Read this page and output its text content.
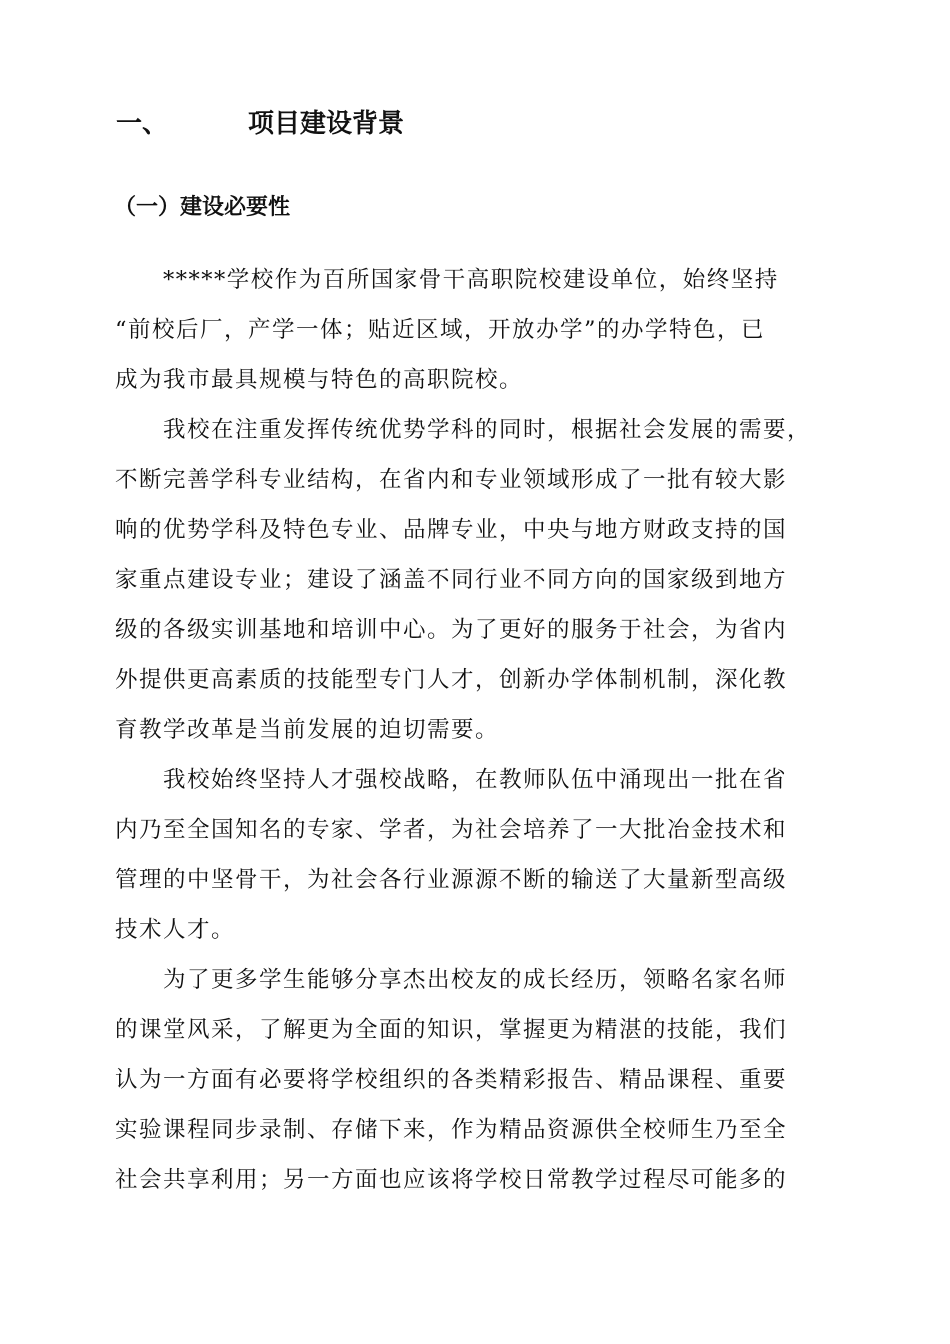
一、	项目建设背景
（一）建设必要性

*****学校作为百所国家骨干高职院校建设单位，始终坚持
“前校后厂，产学一体；贴近区域，开放办学”的办学特色，已
成为我市最具规模与特色的高职院校。

我校在注重发挥传统优势学科的同时，根据社会发展的需要，
不断完善学科专业结构，在省内和专业领域形成了一批有较大影
响的优势学科及特色专业、品牌专业，中央与地方财政支持的国
家重点建设专业；建设了涵盖不同行业不同方向的国家级到地方
级的各级实训基地和培训中心。为了更好的服务于社会，为省内
外提供更高素质的技能型专门人才，创新办学体制机制，深化教
育教学改革是当前发展的迫切需要。

我校始终坚持人才强校战略，在教师队伍中涌现出一批在省
内乃至全国知名的专家、学者，为社会培养了一大批冶金技术和
管理的中坚骨干，为社会各行业源源不断的输送了大量新型高级
技术人才。

为了更多学生能够分享杰出校友的成长经历，领略名家名师
的课堂风采，了解更为全面的知识，掌握更为精湛的技能，我们
认为一方面有必要将学校组织的各类精彩报告、精品课程、重要
实验课程同步录制、存储下来，作为精品资源供全校师生乃至全
社会共享利用；另一方面也应该将学校日常教学过程尽可能多的
